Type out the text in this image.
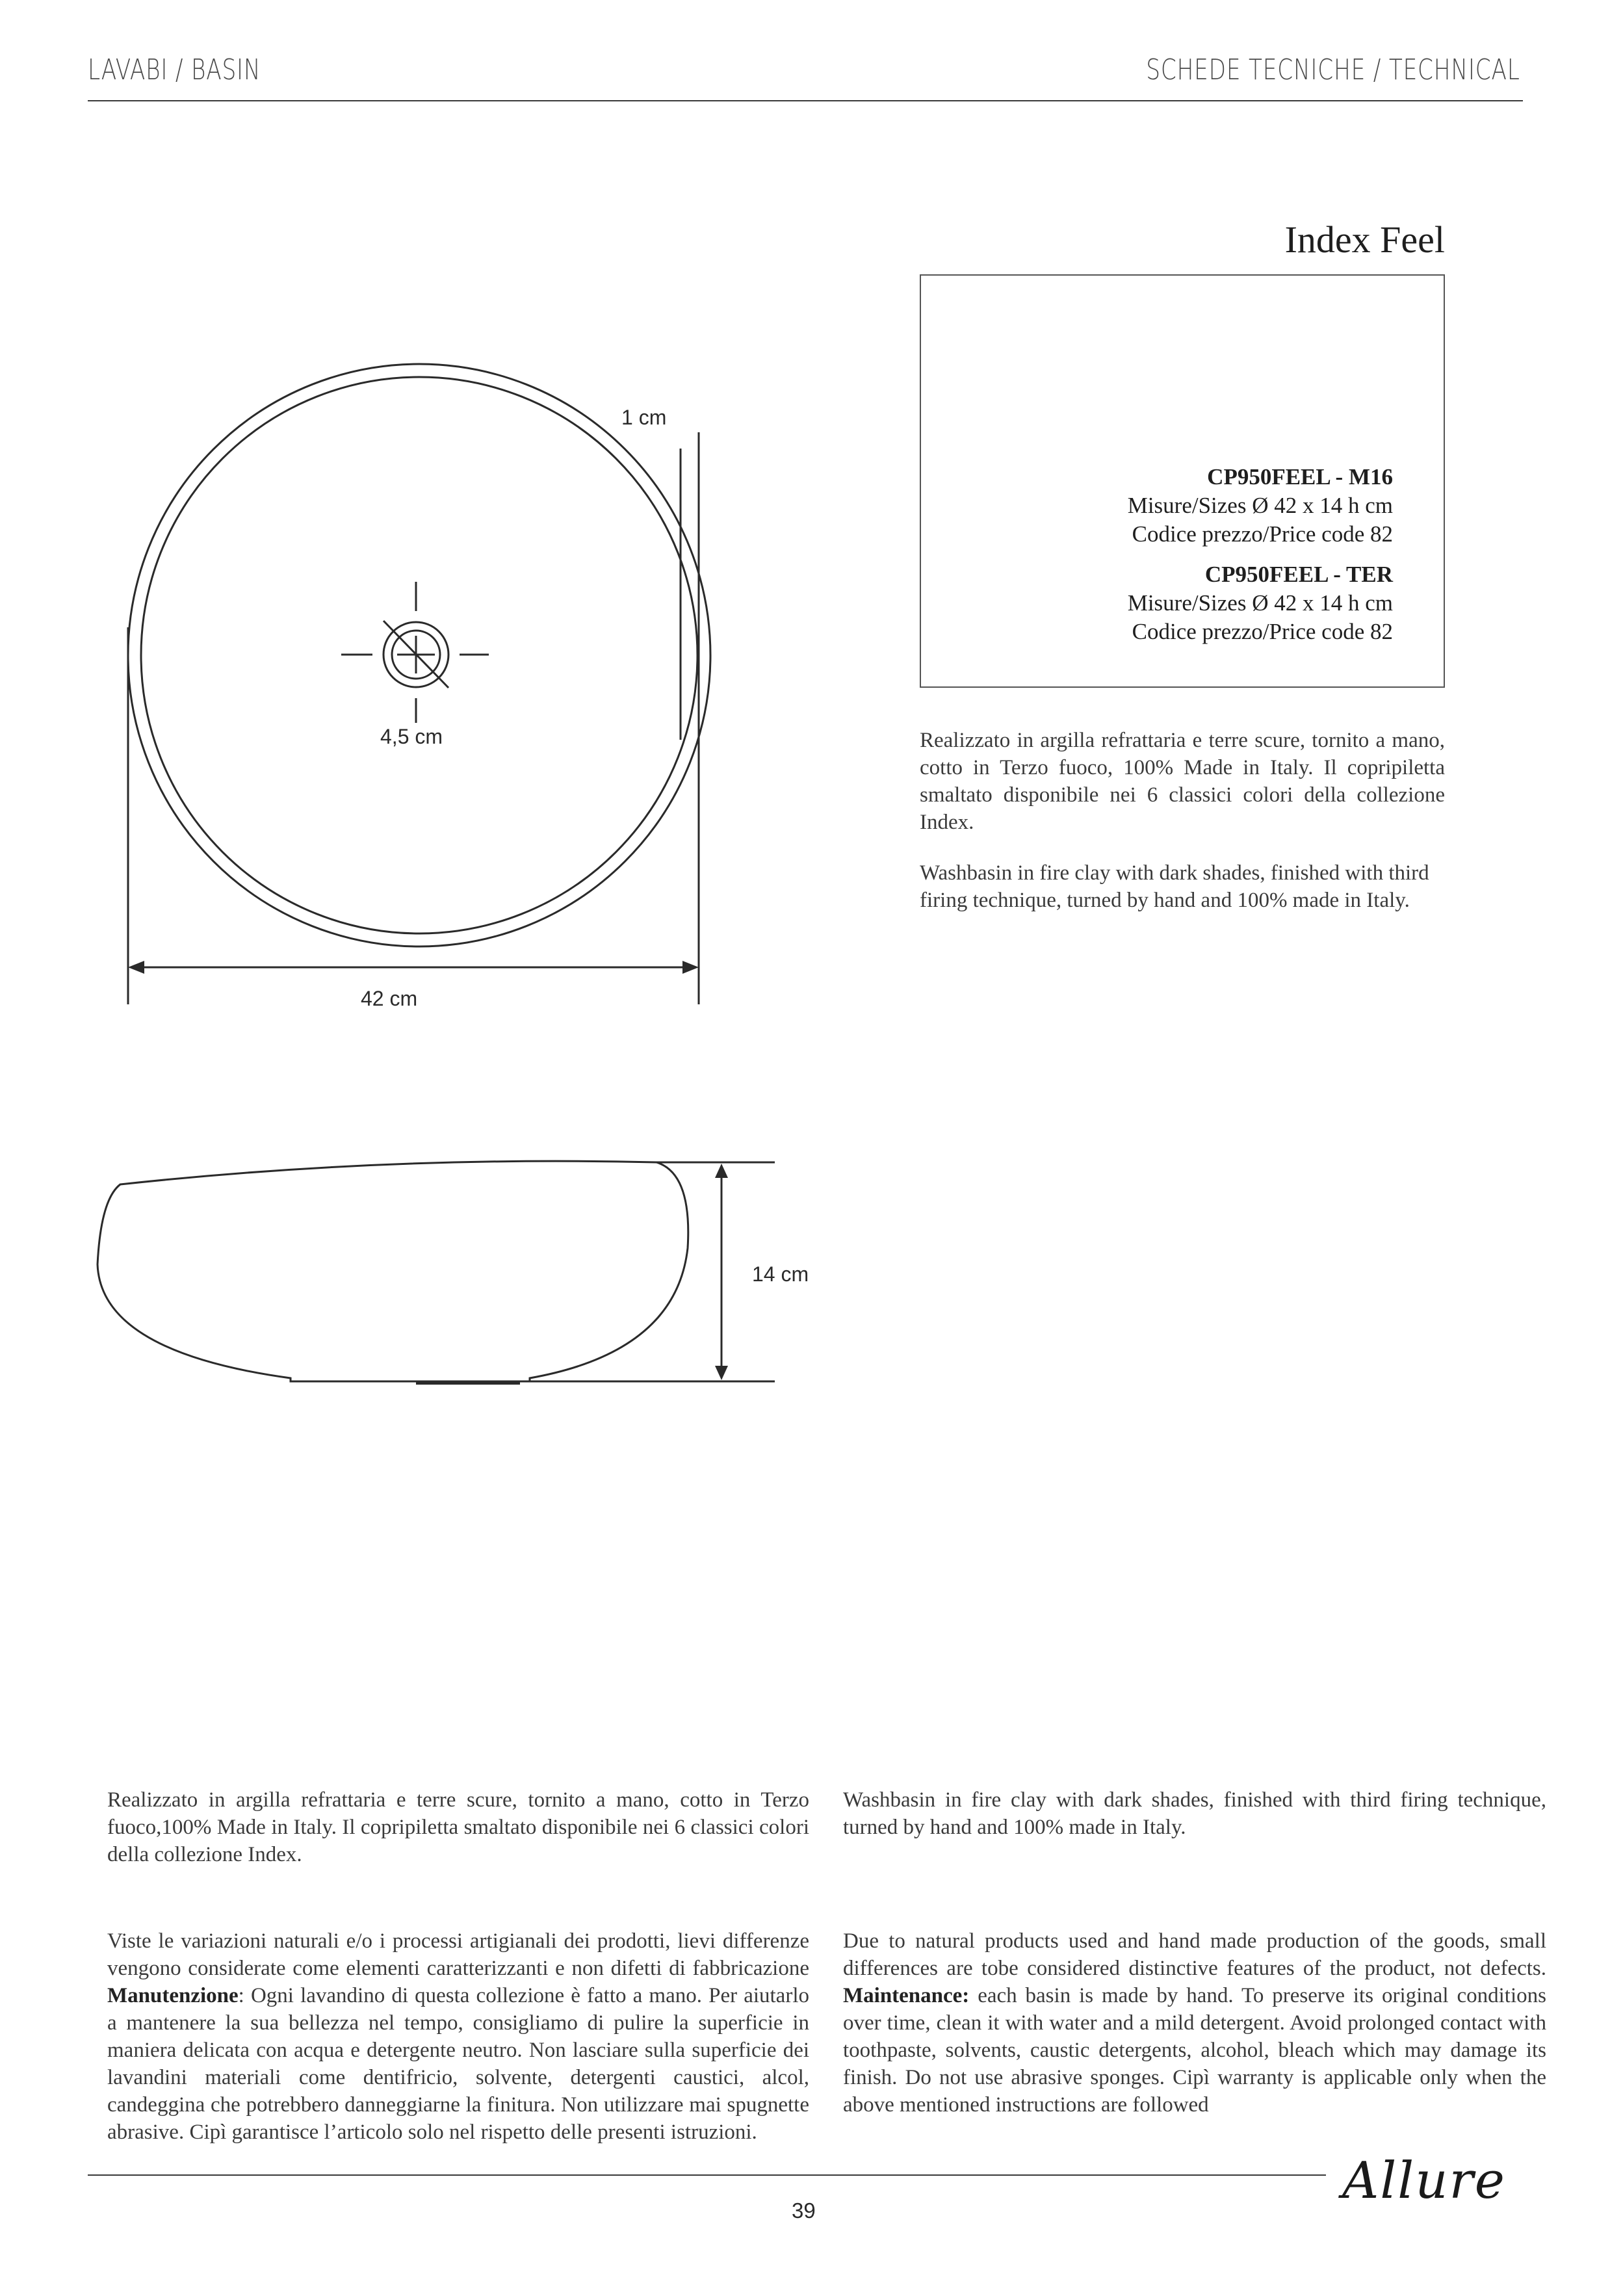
LAVABI / BASIN	SCHEDE TECNICHE / TECHNICAL
Index Feel
CP950FEEL - M16
Misure/Sizes Ø 42 x 14 h cm
Codice prezzo/Price code 82
CP950FEEL - TER
Misure/Sizes Ø 42 x 14 h cm
Codice prezzo/Price code 82
Realizzato in argilla refrattaria e terre scure, tornito a mano, cotto in Terzo fuoco, 100% Made in Italy. Il copripiletta smaltato disponibile nei 6 classici colori della collezione Index.
Washbasin in fire clay with dark shades, finished with third firing technique, turned by hand and 100% made in Italy.
1 cm
4,5 cm
42 cm
14 cm
Realizzato in argilla refrattaria e terre scure, tornito a mano, cotto in Terzo fuoco,100% Made in Italy. Il copripiletta smaltato disponibile nei 6 classici colori della collezione Index.
Washbasin in fire clay with dark shades, finished with third firing technique, turned by hand and 100% made in Italy.
Viste le variazioni naturali e/o i processi artigianali dei prodotti, lievi differenze vengono considerate come elementi caratterizzanti e non difetti di fabbricazione Manutenzione: Ogni lavandino di questa collezione è fatto a mano. Per aiutarlo a mantenere la sua bellezza nel tempo, consigliamo di pulire la superficie in maniera delicata con acqua e detergente neutro. Non lasciare sulla superficie dei lavandini materiali come dentifricio, solvente, detergenti caustici, alcol, candeggina che potrebbero danneggiarne la finitura. Non utilizzare mai spugnette abrasive. Cipì garantisce l’articolo solo nel rispetto delle presenti istruzioni.
Due to natural products used and hand made production of the goods, small differences are tobe considered distinctive features of the product, not defects. Maintenance: each basin is made by hand. To preserve its original conditions over time, clean it with water and a mild detergent. Avoid prolonged contact with toothpaste, solvents, caustic detergents, alcohol, bleach which may damage its finish. Do not use abrasive sponges. Cipì warranty is applicable only when the above mentioned instructions are followed
39
Allure
